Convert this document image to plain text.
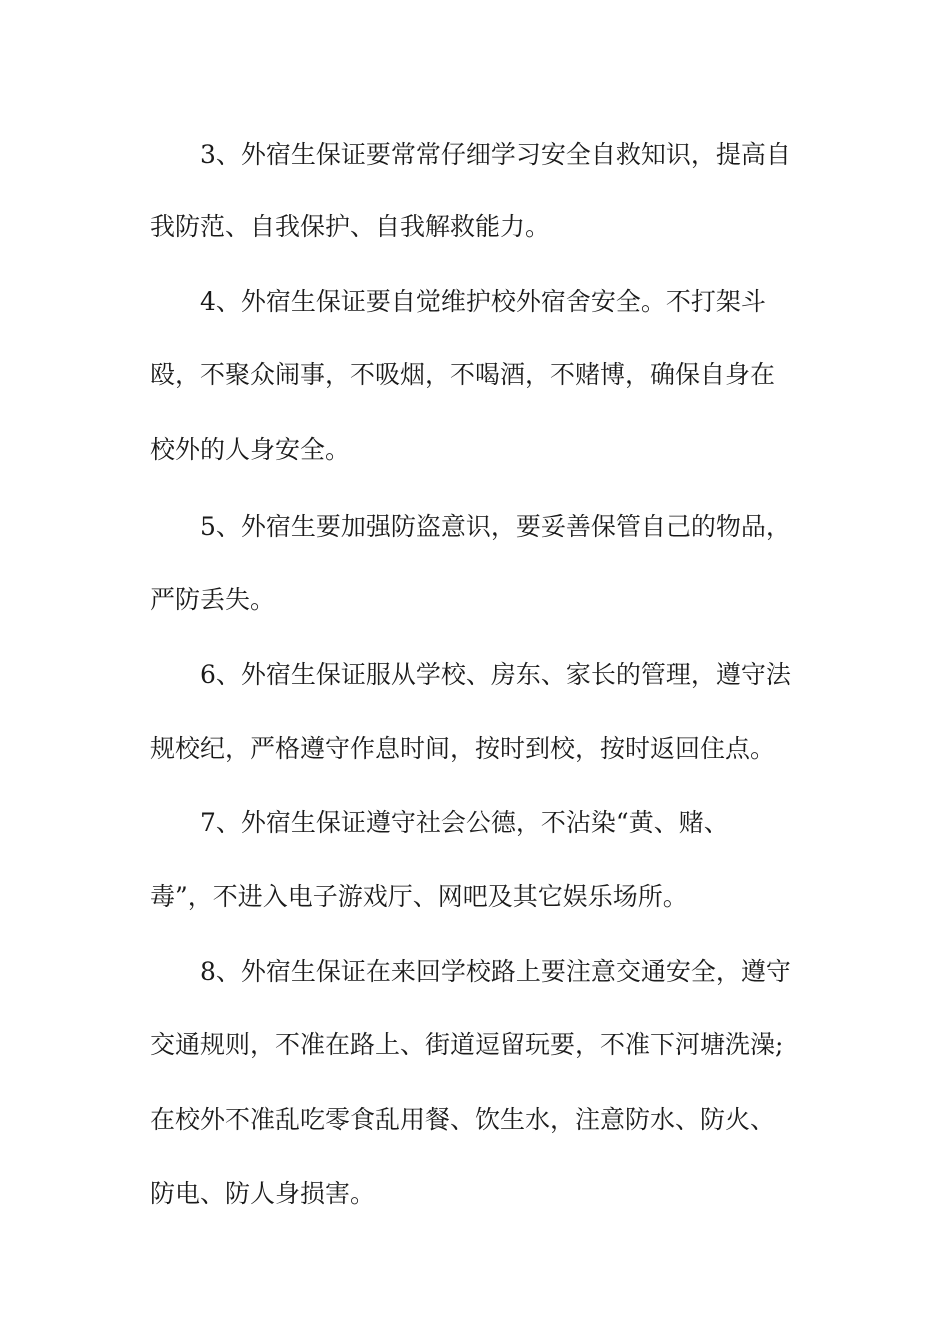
3、外宿生保证要常常仔细学习安全自救知识，提高自
我防范、自我保护、自我解救能力。
4、外宿生保证要自觉维护校外宿舍安全。不打架斗
殴，不聚众闹事，不吸烟，不喝酒，不赌博，确保自身在
校外的人身安全。
5、外宿生要加强防盗意识，要妥善保管自己的物品，
严防丢失。
6、外宿生保证服从学校、房东、家长的管理，遵守法
规校纪，严格遵守作息时间，按时到校，按时返回住点。
7、外宿生保证遵守社会公德，不沾染“黄、赌、
毒”，不进入电子游戏厅、网吧及其它娱乐场所。
8、外宿生保证在来回学校路上要注意交通安全，遵守
交通规则，不准在路上、街道逗留玩要，不准下河塘洗澡;
在校外不准乱吃零食乱用餐、饮生水，注意防水、防火、
防电、防人身损害。
